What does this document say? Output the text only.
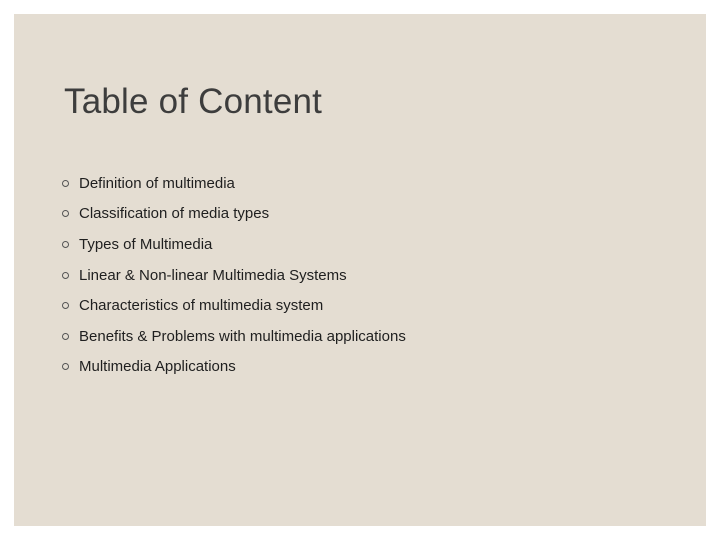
Table of Content
Definition of multimedia
Classification of media types
Types of Multimedia
Linear & Non-linear Multimedia Systems
Characteristics of multimedia system
Benefits & Problems with multimedia applications
Multimedia Applications
